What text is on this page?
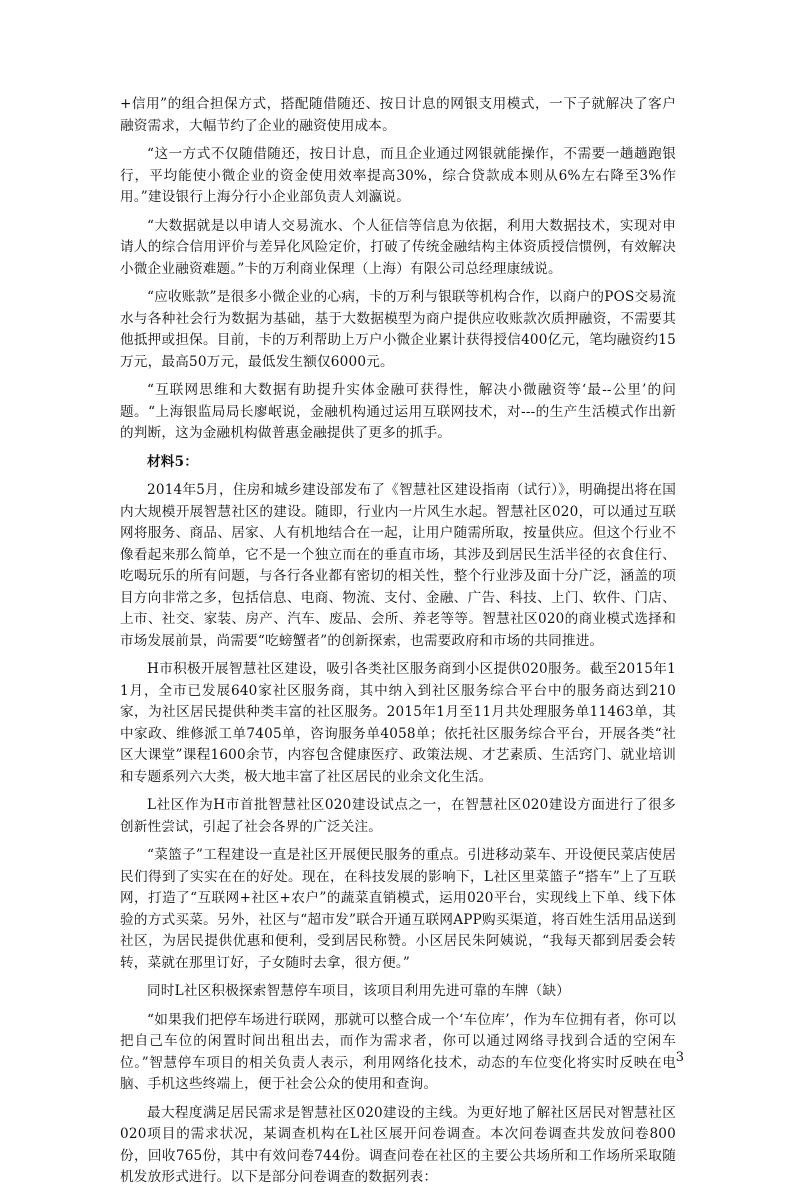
+信用”的组合担保方式，搭配随借随还、按日计息的网银支用模式，一下子就解决了客户融资需求，大幅节约了企业的融资使用成本。

“这一方式不仅随借随还，按日计息，而且企业通过网银就能操作，不需要一趟趟跑银行，平均能使小微企业的资金使用效率提高30%，综合贷款成本则从6%左右降至3%作用。”建设银行上海分行小企业部负责人刘瀛说。

“大数据就是以申请人交易流水、个人征信等信息为依据，利用大数据技术，实现对申请人的综合信用评价与差异化风险定价，打破了传统金融结构主体资质授信惯例，有效解决小微企业融资难题。”卡的万利商业保理（上海）有限公司总经理康绒说。

“应收账款”是很多小微企业的心病，卡的万利与银联等机构合作，以商户的POS交易流水与各种社会行为数据为基础，基于大数据模型为商户提供应收账款次质押融资，不需要其他抵押或担保。目前，卡的万利帮助上万户小微企业累计获得授信400亿元，笔均融资约15万元，最高50万元，最低发生额仅6000元。

“互联网思维和大数据有助提升实体金融可获得性，解决小微融资等‘最--公里’的问题。“上海银监局局长廖岷说，金融机构通过运用互联网技术，对---的生产生活模式作出新的判断，这为金融机构做普惠金融提供了更多的抓手。

材料5：

2014年5月，住房和城乡建设部发布了《智慧社区建设指南（试行）》，明确提出将在国内大规模开展智慧社区的建设。随即，行业内一片风生水起。智慧社区020，可以通过互联网将服务、商品、居家、人有机地结合在一起，让用户随需所取，按量供应。但这个行业不像看起来那么简单，它不是一个独立而在的垂直市场，其涉及到居民生活半径的衣食住行、吃喝玩乐的所有问题，与各行各业都有密切的相关性，整个行业涉及面十分广泛，涵盖的项目方向非常之多，包括信息、电商、物流、支付、金融、广告、科技、上门、软件、门店、上市、社交、家装、房产、汽车、废品、会所、养老等等。智慧社区020的商业模式选择和市场发展前景，尚需要“吃螃蟹者”的创新探索，也需要政府和市场的共同推进。

H市积极开展智慧社区建设，吸引各类社区服务商到小区提供020服务。截至2015年11月，全市已发展640家社区服务商，其中纳入到社区服务综合平台中的服务商达到210家，为社区居民提供种类丰富的社区服务。2015年1月至11月共处理服务单11463单，其中家政、维修派工单7405单，咨询服务单4058单；依托社区服务综合平台，开展各类“社区大课堂”课程1600余节，内容包含健康医疗、政策法规、才艺素质、生活窍门、就业培训和专题系列六大类，极大地丰富了社区居民的业余文化生活。

L社区作为H市首批智慧社区020建设试点之一，在智慧社区020建设方面进行了很多创新性尝试，引起了社会各界的广泛关注。

“菜篮子”工程建设一直是社区开展便民服务的重点。引进移动菜车、开设便民菜店使居民们得到了实实在在的好处。现在，在科技发展的影响下，L社区里菜篮子“搭车”上了互联网，打造了“互联网+社区+农户”的蔬菜直销模式，运用020平台，实现线上下单、线下体验的方式买菜。另外，社区与“超市发”联合开通互联网APP购买渠道，将百姓生活用品送到社区，为居民提供优惠和便利，受到居民称赞。小区居民朱阿姨说，“我每天都到居委会转转，菜就在那里订好，子女随时去拿，很方便。”

同时L社区积极探索智慧停车项目，该项目利用先进可靠的车牌（缺）

“如果我们把停车场进行联网，那就可以整合成一个‘车位库’，作为车位拥有者，你可以把自己车位的闲置时间出租出去，而作为需求者，你可以通过网络寻找到合适的空闲车位。”智慧停车项目的相关负责人表示，利用网络化技术，动态的车位变化将实时反映在电脑、手机这些终端上，便于社会公众的使用和查询。

最大程度满足居民需求是智慧社区020建设的主线。为更好地了解社区居民对智慧社区020项目的需求状况，某调查机构在L社区展开问卷调查。本次问卷调查共发放问卷800份，回收765份，其中有效问卷744份。调查问卷在社区的主要公共场所和工作场所采取随机发放形式进行。以下是部分问卷调查的数据列表：

3
